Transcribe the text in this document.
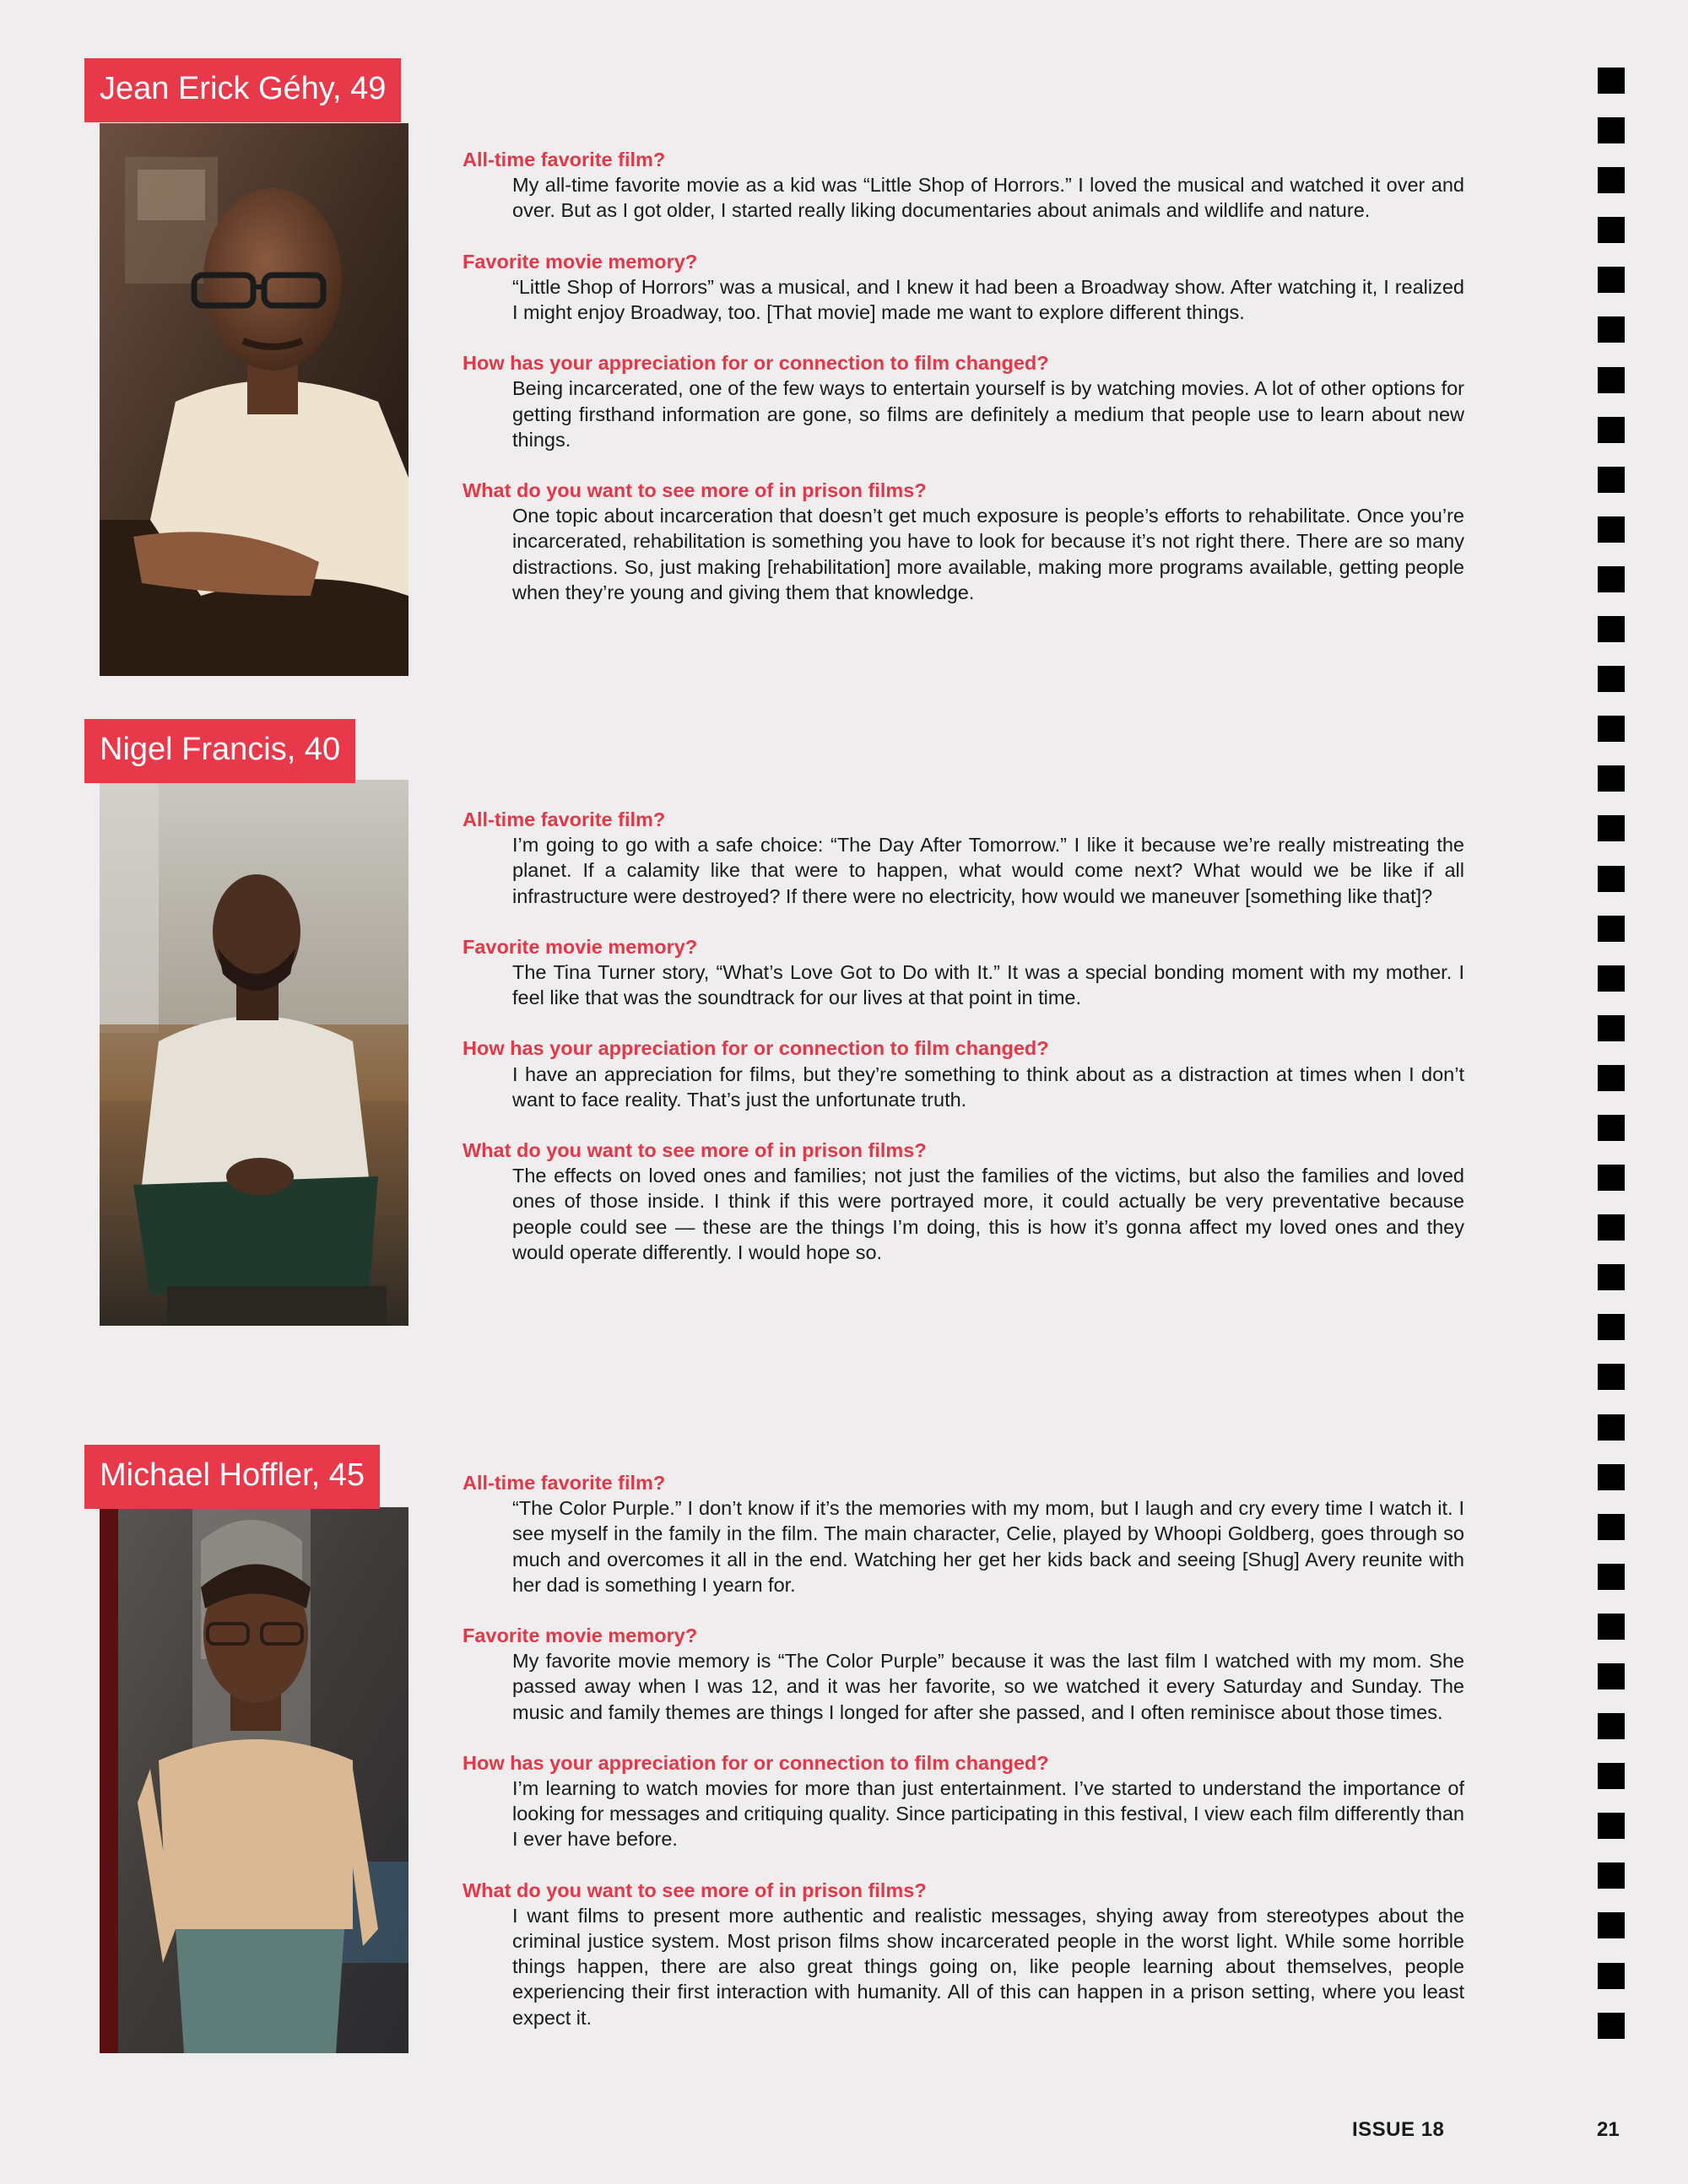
Jean Erick Géhy, 49

All-time favorite film?

My all-time favorite movie as a kid was “Little Shop of Horrors.” I loved the musical and watched it over and over. But as I got older, I started really liking documentaries about animals and wildlife and nature.

Favorite movie memory?

“Little Shop of Horrors” was a musical, and I knew it had been a Broadway show. After watching it, I realized I might enjoy Broadway, too. [That movie] made me want to explore different things.

How has your appreciation for or connection to film changed?

Being incarcerated, one of the few ways to entertain yourself is by watching movies. A lot of other options for getting firsthand information are gone, so films are definitely a medium that people use to learn about new things.

What do you want to see more of in prison films?

One topic about incarceration that doesn’t get much exposure is people’s efforts to rehabilitate. Once you’re incarcerated, rehabilitation is something you have to look for because it’s not right there. There are so many distractions. So, just making [rehabilitation] more available, making more programs available, getting people when they’re young and giving them that knowledge.

Nigel Francis, 40

All-time favorite film?

I’m going to go with a safe choice: “The Day After Tomorrow.” I like it because we’re really mistreating the planet. If a calamity like that were to happen, what would come next? What would we be like if all infrastructure were destroyed? If there were no electricity, how would we maneuver [something like that]?

Favorite movie memory?

The Tina Turner story, “What’s Love Got to Do with It.” It was a special bonding moment with my mother. I feel like that was the soundtrack for our lives at that point in time.

How has your appreciation for or connection to film changed?

I have an appreciation for films, but they’re something to think about as a distraction at times when I don’t want to face reality. That’s just the unfortunate truth.

What do you want to see more of in prison films?

The effects on loved ones and families; not just the families of the victims, but also the families and loved ones of those inside. I think if this were portrayed more, it could actually be very preventative because people could see — these are the things I’m doing, this is how it’s gonna affect my loved ones and they would operate differently. I would hope so.

Michael Hoffler, 45	All-time favorite film?

“The Color Purple.” I don’t know if it’s the memories with my mom, but I laugh and cry every time I watch it. I see myself in the family in the film. The main character, Celie, played by Whoopi Goldberg, goes through so much and overcomes it all in the end. Watching her get her kids back and seeing [Shug] Avery reunite with her dad is something I yearn for.

Favorite movie memory?

My favorite movie memory is “The Color Purple” because it was the last film I watched with my mom. She passed away when I was 12, and it was her favorite, so we watched it every Saturday and Sunday. The music and family themes are things I longed for after she passed, and I often reminisce about those times.

How has your appreciation for or connection to film changed?

I’m learning to watch movies for more than just entertainment. I’ve started to understand the importance of looking for messages and critiquing quality. Since participating in this festival, I view each film differently than I ever have before.

What do you want to see more of in prison films?

I want films to present more authentic and realistic messages, shying away from stereotypes about the criminal justice system. Most prison films show incarcerated people in the worst light. While some horrible things happen, there are also great things going on, like people learning about themselves, people experiencing their first interaction with humanity. All of this can happen in a prison setting, where you least expect it.

ISSUE 18	21
